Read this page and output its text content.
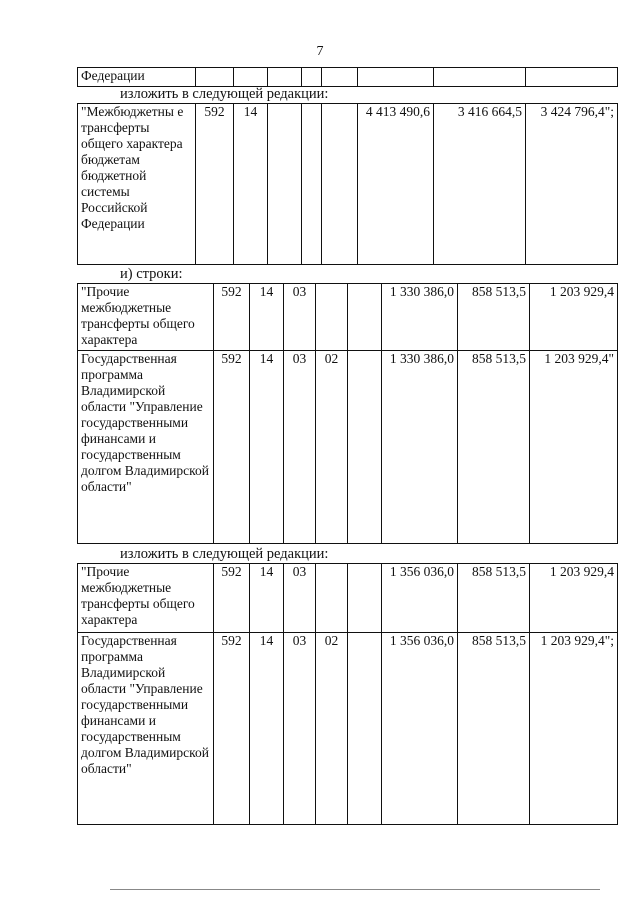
7
Федерации								
изложить в следующей редакции:
"Межбюджетны е трансферты общего характера бюджетам бюджетной системы Российской Федерации	592	14				4 413 490,6	3 416 664,5	3 424 796,4";
и) строки:
"Прочие межбюджетные трансферты общего характера	592	14	03			1 330 386,0	858 513,5	1 203 929,4
Государственная программа Владимирской области "Управление государственными финансами и государственным долгом Владимирской области"	592	14	03	02		1 330 386,0	858 513,5	1 203 929,4"
изложить в следующей редакции:
"Прочие межбюджетные трансферты общего характера	592	14	03			1 356 036,0	858 513,5	1 203 929,4
Государственная программа Владимирской области "Управление государственными финансами и государственным долгом Владимирской области"	592	14	03	02		1 356 036,0	858 513,5	1 203 929,4";
